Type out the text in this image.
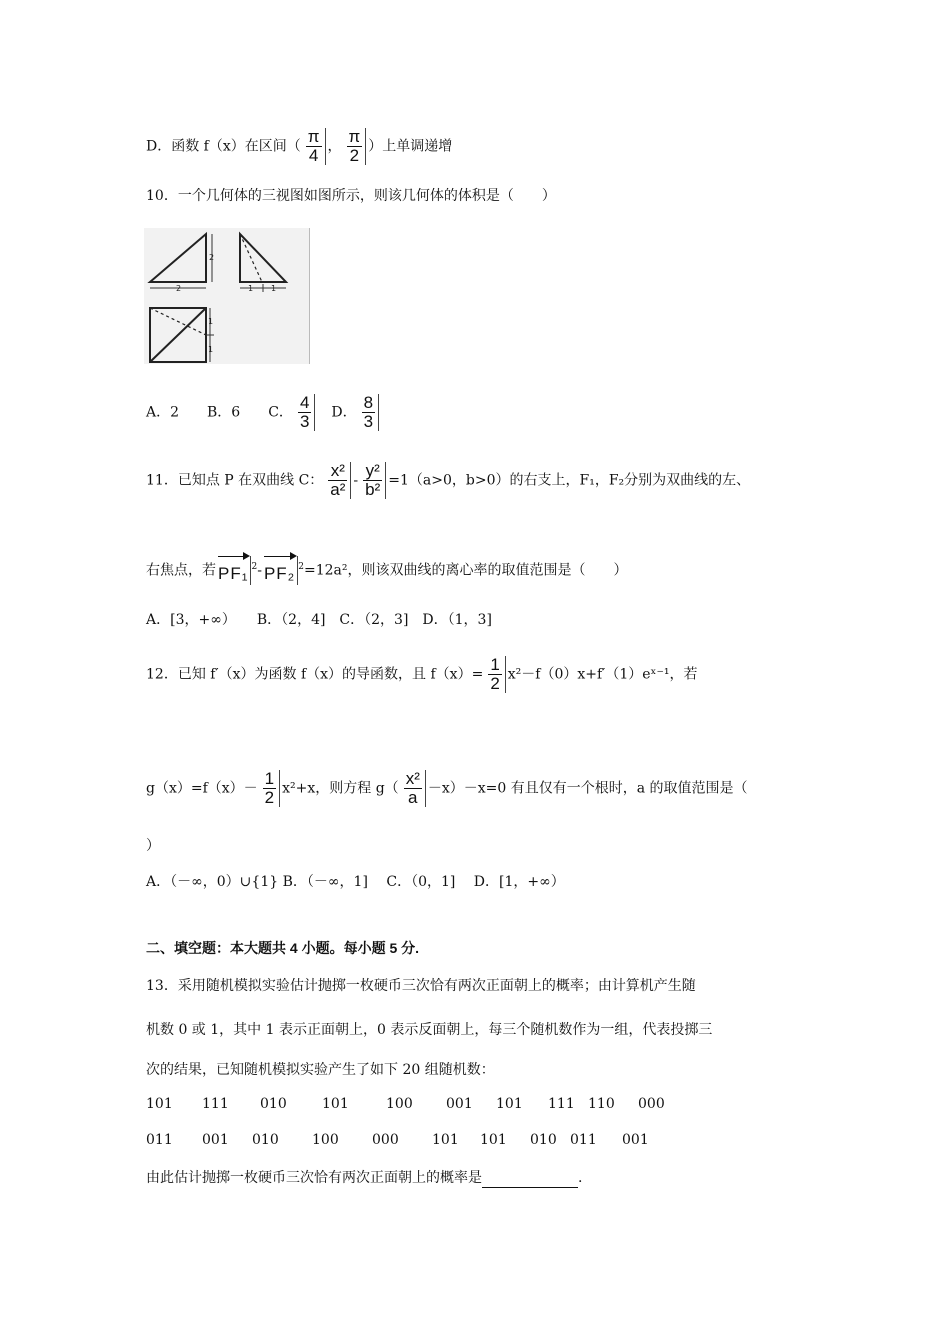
D．函数 f（x）在区间（ $\frac{\pi}{4}$ ， $\frac{\pi}{2}$ ）上单调递增
10．一个几何体的三视图如图所示，则该几何体的体积是（　　）
2
2
1 1
1
1
A．2　　B．6　　C． $\frac{4}{3}$ 　D． $\frac{8}{3}$
11．已知点 P 在双曲线 C： $\frac{\text{x²}}{\text{a²}} - \frac{\text{y²}}{\text{b²}} =1(a>0$，b>0）的右支上，F₁，F₂分别为双曲线的左、
右焦点，若 PF₁ $^2$- PF₂ $^2$=12a²，则该双曲线的离心率的取值范围是（　　）
A．[3，+∞）　　B．（2，4]　C．（2，3]　D．（1，3]
12．已知 f′（x）为函数 f（x）的导函数，且 $f(x)= \frac{1}{2}$ x²－f（0）x+f′（1）eˣ⁻¹，若
$g(x)=f(x)- \frac{1}{2} x^2+x$，则方程 $g( \frac{\text{x²}}{a} -x)-x=0$ 有且仅有一个根时，a 的取值范围是（
）
A．（－∞，0）∪{1} B．（－∞，1]　 C．（0，1]　 D．[1，+∞）
二、填空题：本大题共 4 小题。每小题 5 分.
13．采用随机模拟实验估计抛掷一枚硬币三次恰有两次正面朝上的概率；由计算机产生随
机数 0 或 1，其中 1 表示正面朝上，0 表示反面朝上，每三个随机数作为一组，代表投掷三
次的结果，已知随机模拟实验产生了如下 20 组随机数：
101 111 010	101	100 001 101 111 110 000
011 001 010 100 000 101 101 010 011 001
由此估计抛掷一枚硬币三次恰有两次正面朝上的概率是	.
